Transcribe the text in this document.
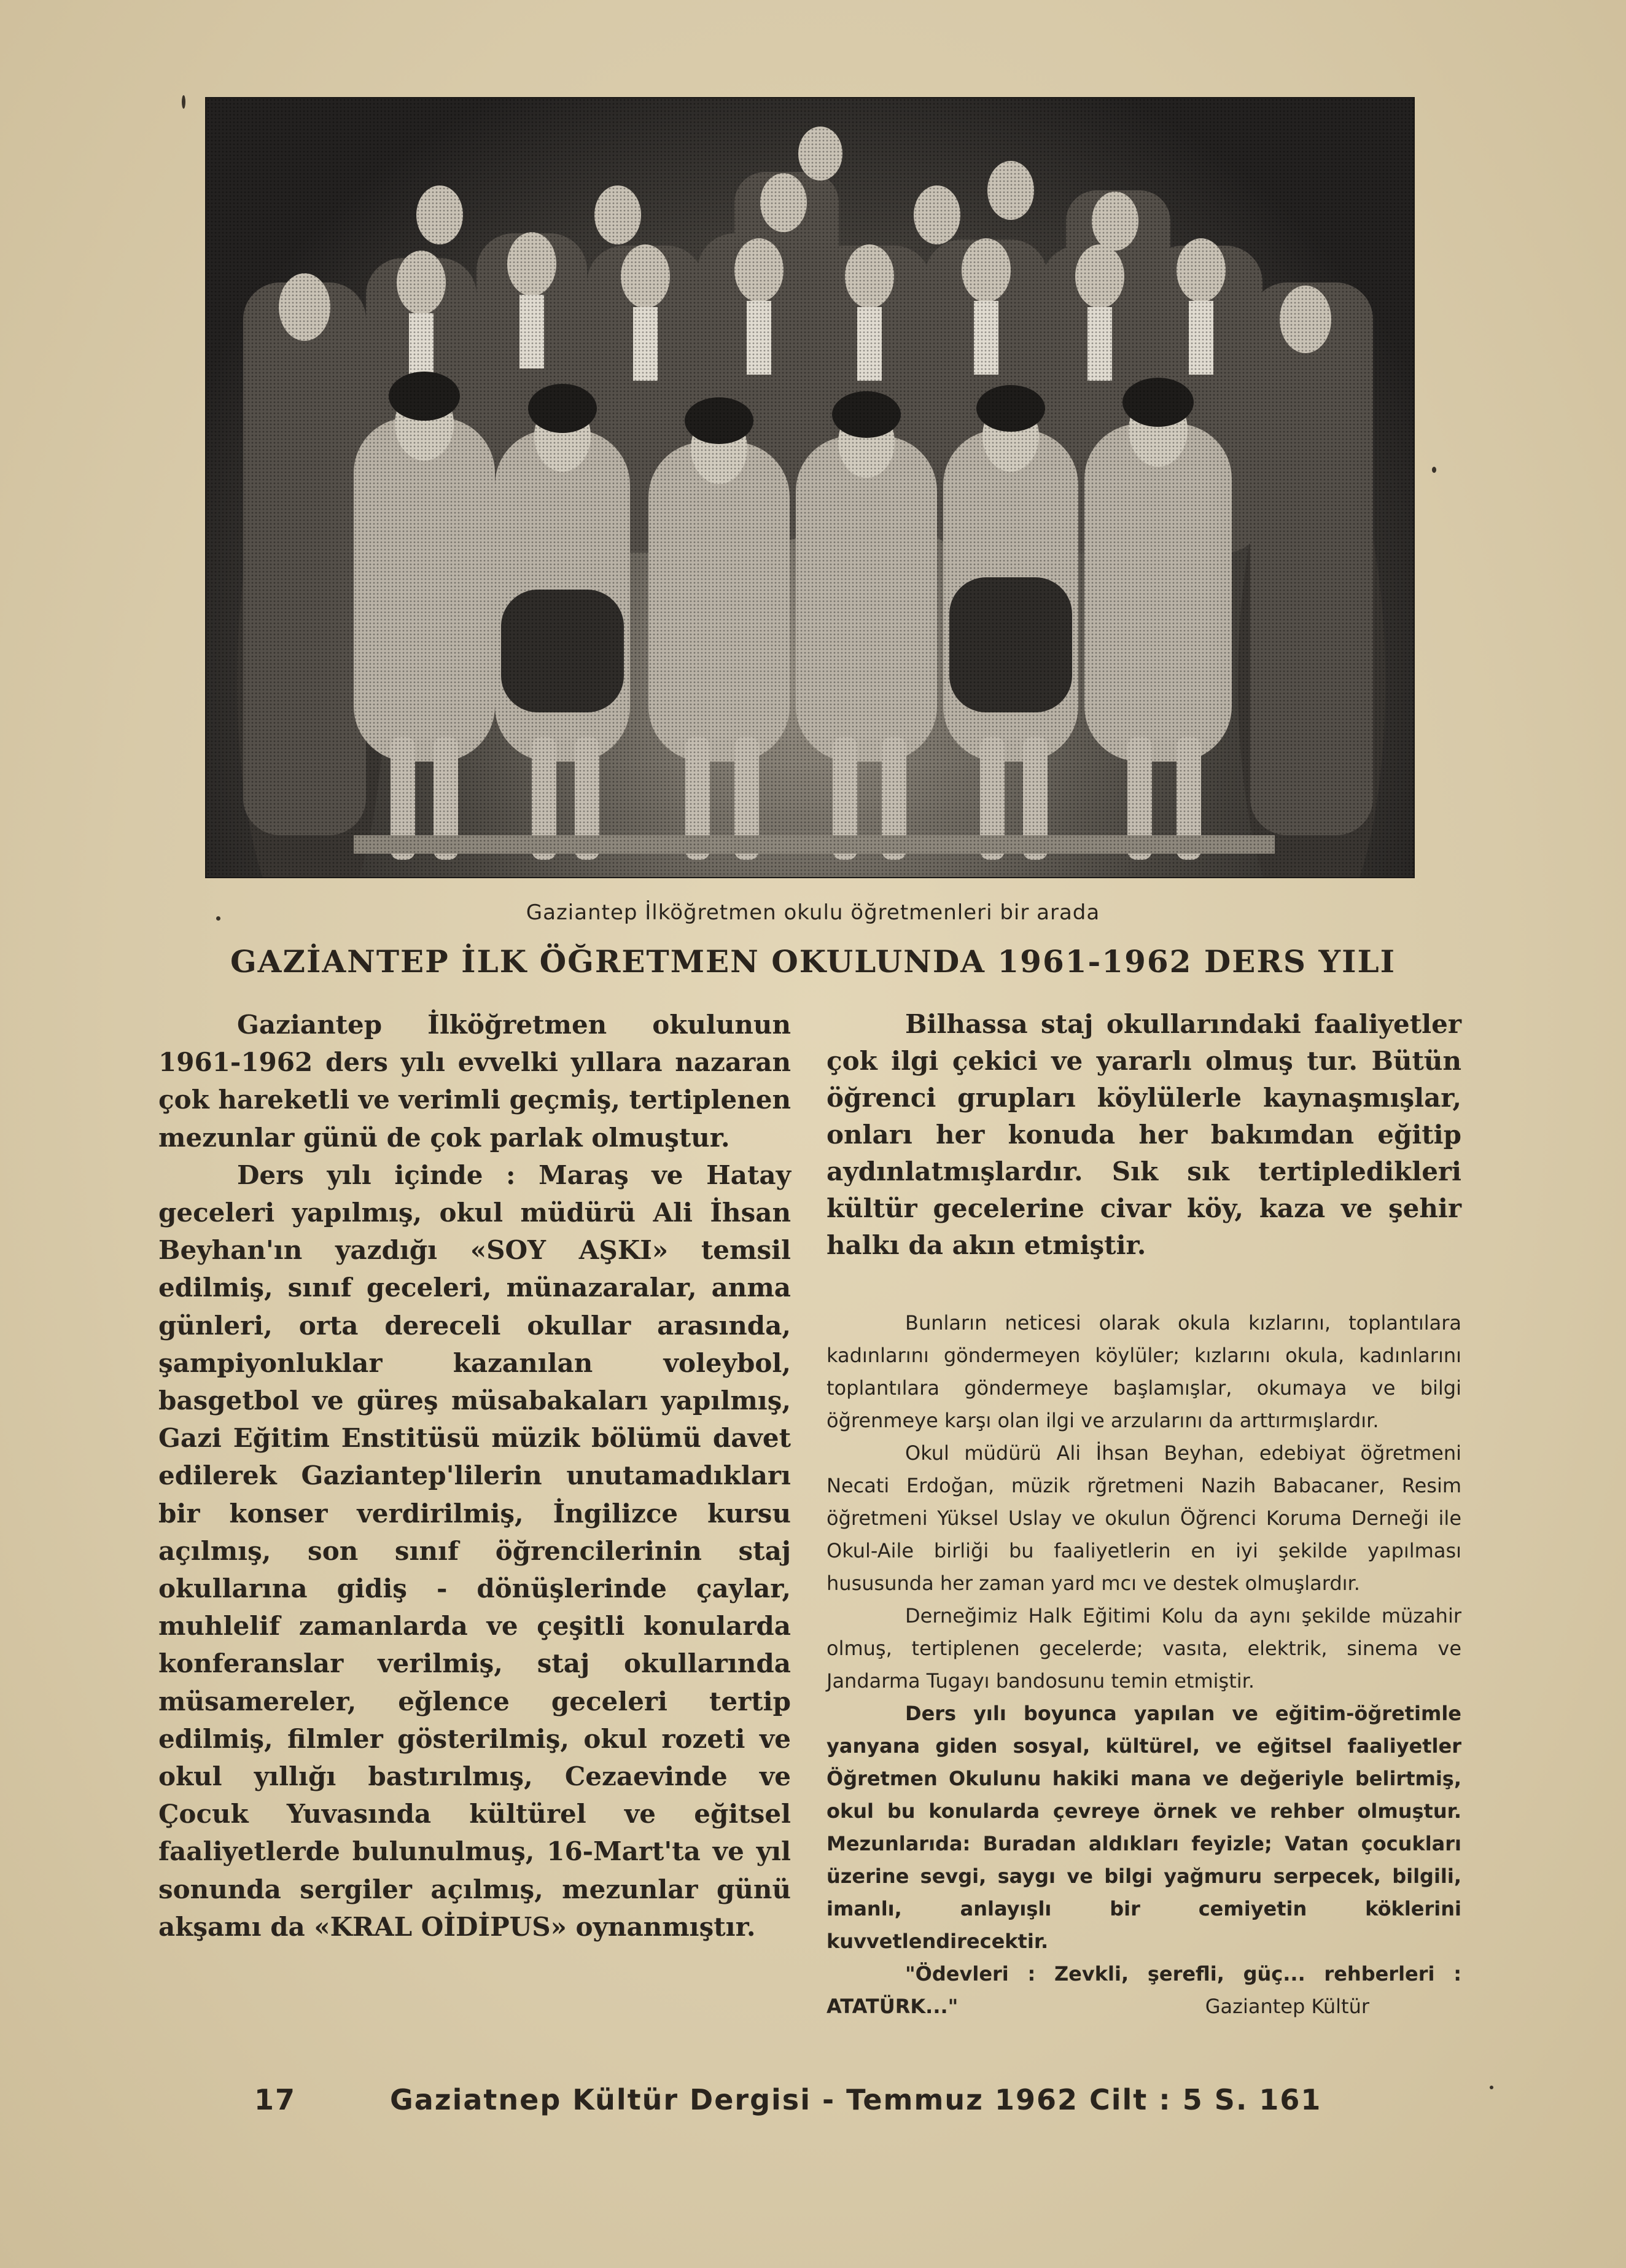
Gaziantep İlköğretmen okulu öğretmenleri bir arada
GAZİANTEP İLK ÖĞRETMEN OKULUNDA 1961-1962 DERS YILI

Gaziantep İlköğretmen okulunun 1961-1962 ders yılı evvelki yıllara nazaran çok hareketli ve verimli geçmiş, tertiplenen mezunlar günü de çok parlak olmuştur.

Ders yılı içinde : Maraş ve Hatay geceleri yapılmış, okul müdürü Ali İhsan Beyhan'ın yazdığı «SOY AŞKI» temsil edilmiş, sınıf geceleri, münazaralar, anma günleri, orta dereceli okullar arasında, şampiyonluklar kazanılan voleybol, basgetbol ve güreş müsabakaları yapılmış, Gazi Eğitim Enstitüsü müzik bölümü davet edilerek Gaziantep'lilerin unutamadıkları bir konser verdirilmiş, İngilizce kursu açılmış, son sınıf öğrencilerinin staj okullarına gidiş - dönüşlerinde çaylar, muhlelif zamanlarda ve çeşitli konularda konferanslar verilmiş, staj okullarında müsamereler, eğlence geceleri tertip edilmiş, filmler gösterilmiş, okul rozeti ve okul yıllığı bastırılmış, Cezaevinde ve Çocuk Yuvasında kültürel ve eğitsel faaliyetlerde bulunulmuş, 16-Mart'ta ve yıl sonunda sergiler açılmış, mezunlar günü akşamı da «KRAL OİDİPUS» oynanmıştır.

Bilhassa staj okullarındaki faaliyetler çok ilgi çekici ve yararlı olmuş tur. Bütün öğrenci grupları köylülerle kaynaşmışlar, onları her konuda her bakımdan eğitip aydınlatmışlardır. Sık sık tertipledikleri kültür gecelerine civar köy, kaza ve şehir halkı da akın etmiştir.

Bunların neticesi olarak okula kızlarını, toplantılara kadınlarını göndermeyen köylüler; kızlarını okula, kadınlarını toplantılara göndermeye başlamışlar, okumaya ve bilgi öğrenmeye karşı olan ilgi ve arzularını da arttırmışlardır.

Okul müdürü Ali İhsan Beyhan, edebiyat öğretmeni Necati Erdoğan, müzik rğretmeni Nazih Babacaner, Resim öğretmeni Yüksel Uslay ve okulun Öğrenci Koruma Derneği ile Okul-Aile birliği bu faaliyetlerin en iyi şekilde yapılması hususunda her zaman yard mcı ve destek olmuşlardır.

Derneğimiz Halk Eğitimi Kolu da aynı şekilde müzahir olmuş, tertiplenen gecelerde; vasıta, elektrik, sinema ve Jandarma Tugayı bandosunu temin etmiştir.

Ders yılı boyunca yapılan ve eğitim-öğretimle yanyana giden sosyal, kültürel, ve eğitsel faaliyetler Öğretmen Okulunu hakiki mana ve değeriyle belirtmiş, okul bu konularda çevreye örnek ve rehber olmuştur. Mezunlarıda: Buradan aldıkları feyizle; Vatan çocukları üzerine sevgi, saygı ve bilgi yağmuru serpecek, bilgili, imanlı, anlayışlı bir cemiyetin köklerini kuvvetlendirecektir.

"Ödevleri : Zevkli, şerefli, güç... rehberleri : ATATÜRK..."	Gaziantep Kültür
17	Gaziatnep Kültür Dergisi - Temmuz 1962 Cilt : 5 S. 161
